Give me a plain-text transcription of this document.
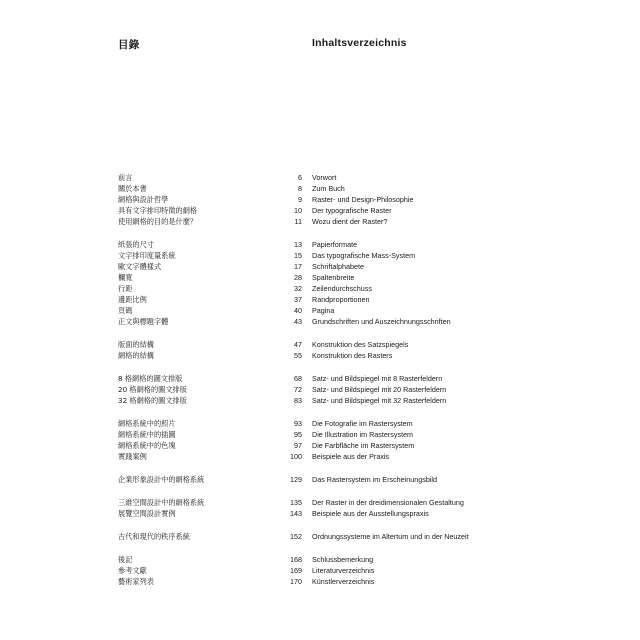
目錄	Inhaltsverzeichnis
前言	6 Vorwort
關於本書	8 Zum Buch
網格與設計哲學	9 Raster- und Design-Philosophie
具有文字排印特徵的網格	10 Der typografische Raster
使用網格的目的是什麼？	11 Wozu dient der Raster?
紙張的尺寸	13 Papierformate
文字排印度量系統	15 Das typografische Mass-System
歐文字體樣式	17 Schriftalphabete
欄寬	28 Spaltenbreite
行距	32 Zeilendurchschuss
邊距比例	37 Randproportionen
頁碼	40 Pagina
正文與標題字體	43 Grundschriften und Auszeichnungsschriften
版面的結構	47 Konstruktion des Satzspiegels
網格的結構	55 Konstruktion des Rasters
8 格網格的圖文排版	68 Satz- und Bildspiegel mit 8 Rasterfeldern
20 格網格的圖文排版	72 Satz- und Bildspiegel mit 20 Rasterfeldern
32 格網格的圖文排版	83 Satz- und Bildspiegel mit 32 Rasterfeldern
網格系統中的照片	93 Die Fotografie im Rastersystem
網格系統中的插圖	95 Die Illustration im Rastersystem
網格系統中的色塊	97 Die Farbfläche im Rastersystem
實踐案例	100 Beispiele aus der Praxis
企業形象設計中的網格系統	129 Das Rastersystem im Erscheinungsbild
三維空間設計中的網格系統	135 Der Raster in der dreidimensionalen Gestaltung
展覽空間設計實例	143 Beispiele aus der Ausstellungspraxis
古代和現代的秩序系統	152 Ordnungssysteme im Altertum und in der Neuzeit
後記	168 Schlussbemerkung
參考文獻	169 Literaturverzeichnis
藝術家列表	170 Künstlerverzeichnis
